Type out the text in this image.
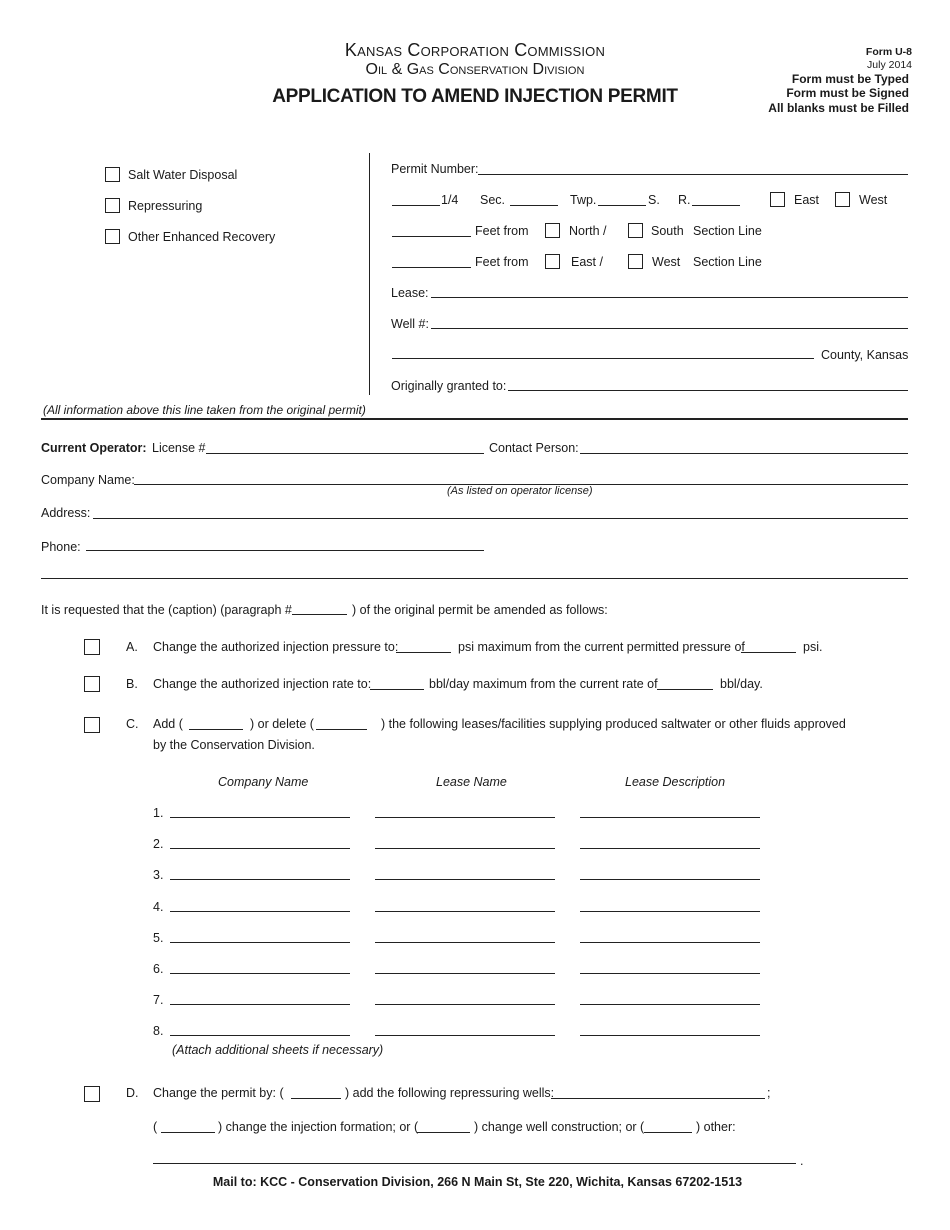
Kansas Corporation Commission
Oil & Gas Conservation Division
APPLICATION TO AMEND INJECTION PERMIT
Form U-8
July 2014
Form must be Typed
Form must be Signed
All blanks must be Filled
Salt Water Disposal
Repressuring
Other Enhanced Recovery
Permit Number:
1/4 Sec.	Twp.	S. R.	East	West
Feet from	North /	South Section Line
Feet from	East /	West Section Line
Lease:
Well #:
County, Kansas
Originally granted to:
(All information above this line taken from the original permit)
Current Operator: License #	Contact Person:
Company Name:
(As listed on operator license)
Address:
Phone:
It is requested that the (caption) (paragraph #	) of the original permit be amended as follows:
A. Change the authorized injection pressure to:	psi maximum from the current permitted pressure of	psi.
B. Change the authorized injection rate to:	bbl/day maximum from the current rate of	bbl/day.
C. Add (	) or delete (	) the following leases/facilities supplying produced saltwater or other fluids approved
by the Conservation Division.
Company Name	Lease Name	Lease Description
1.
2.
3.
4.
5.
6.
7.
8.
(Attach additional sheets if necessary)
D. Change the permit by: (	) add the following repressuring wells:	;
(	) change the injection formation; or (	) change well construction; or (	) other:
.
Mail to: KCC - Conservation Division, 266 N Main St, Ste 220, Wichita, Kansas 67202-1513
